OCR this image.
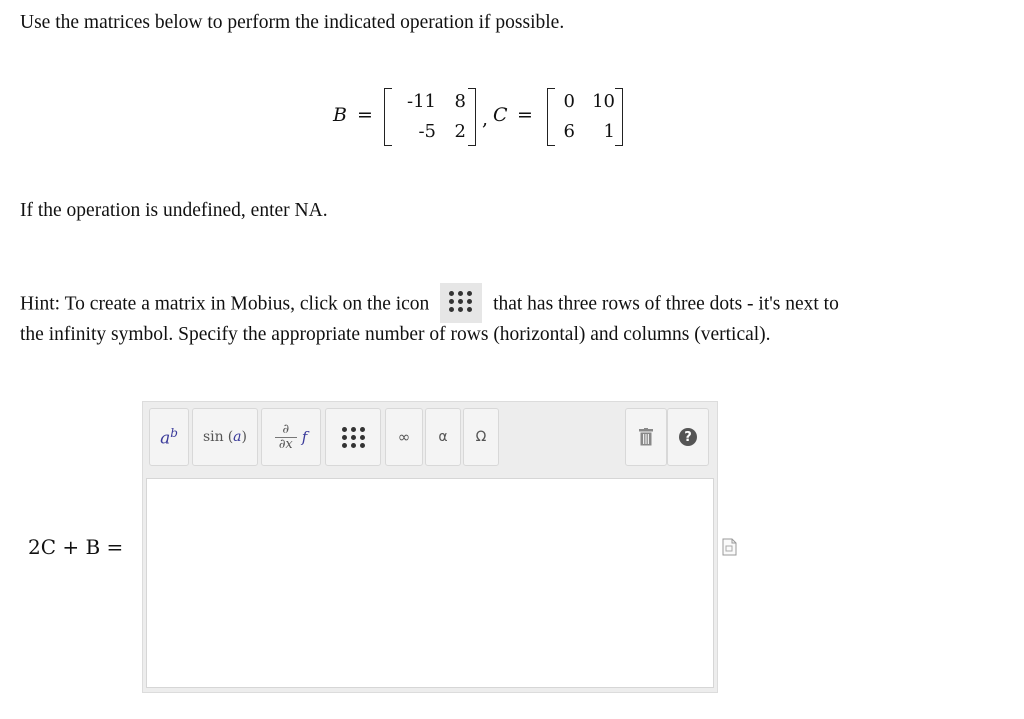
Use the matrices below to perform the indicated operation if possible.

B =
-11	8
-5	2
, C =
0 10
6	1

If the operation is undefined, enter NA.

Hint: To create a matrix in Mobius, click on the icon	that has three rows of three dots - it's next to

the infinity symbol. Specify the appropriate number of rows (horizontal) and columns (vertical).

$a^b$ sin ( a )	∂
∂x f	∞ α Ω	?
2C + B =
